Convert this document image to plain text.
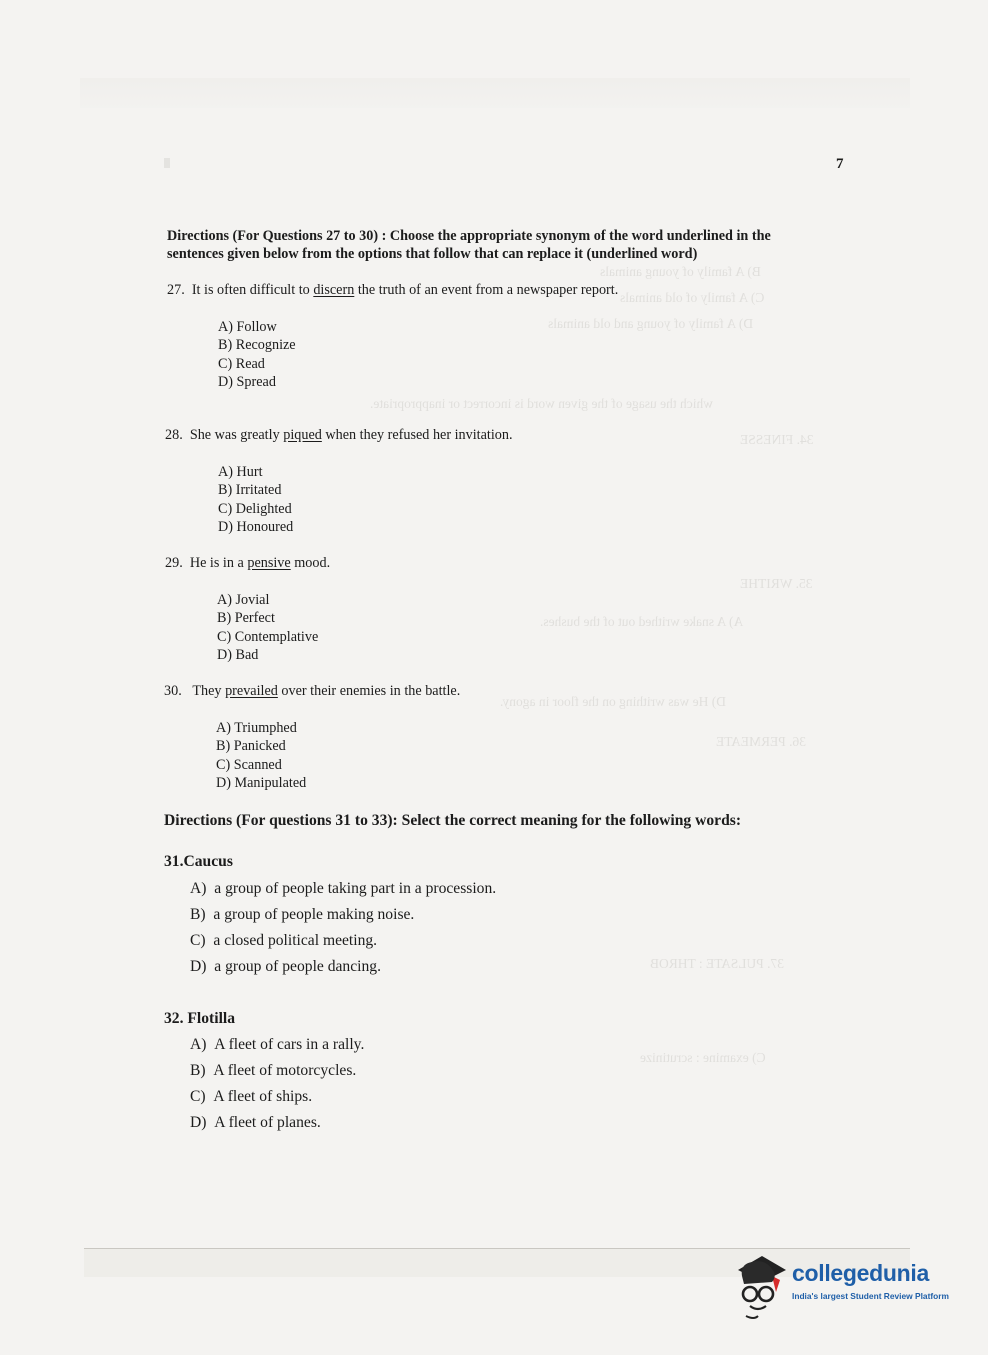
7
B) A family of young animals
C) A family of old animals
D) A family of young and old animals
which the usage of the given word is incorrect or inappropriate.
34. FINESSE
35. WRITHE
A) A snake writhed out of the bushes.
D) He was writhing on the floor in agony.
36. PERMEATE
37. PULSATE : THROB
C) examine : scrutinize
Directions (For Questions 27 to 30) : Choose the appropriate synonym of the word underlined in the
sentences given below from the options that follow that can replace it (underlined word)
27. It is often difficult to discern the truth of an event from a newspaper report.
A) Follow
B) Recognize
C) Read
D) Spread
28. She was greatly piqued when they refused her invitation.
A) Hurt
B) Irritated
C) Delighted
D) Honoured
29. He is in a pensive mood.
A) Jovial
B) Perfect
C) Contemplative
D) Bad
30. They prevailed over their enemies in the battle.
A) Triumphed
B) Panicked
C) Scanned
D) Manipulated
Directions (For questions 31 to 33): Select the correct meaning for the following words:
31.Caucus
A) a group of people taking part in a procession.
B) a group of people making noise.
C) a closed political meeting.
D) a group of people dancing.
32. Flotilla
A) A fleet of cars in a rally.
B) A fleet of motorcycles.
C) A fleet of ships.
D) A fleet of planes.
collegedunia
India's largest Student Review Platform
